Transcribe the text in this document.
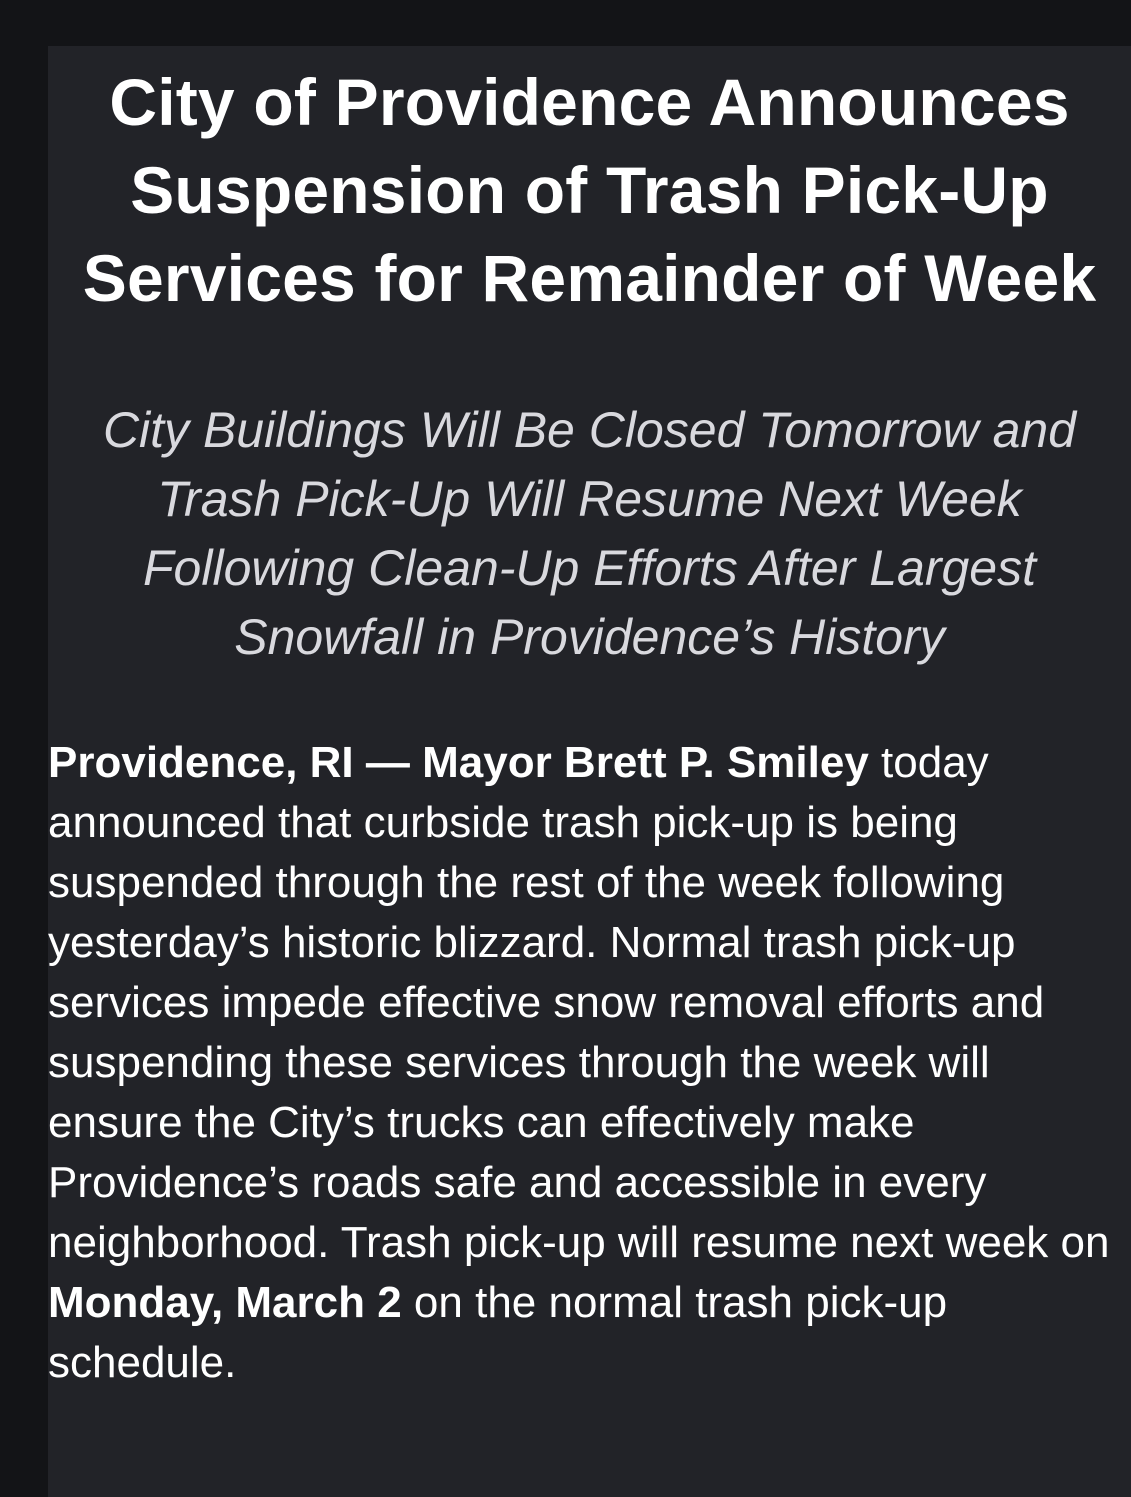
City of Providence Announces Suspension of Trash Pick-Up Services for Remainder of Week
City Buildings Will Be Closed Tomorrow and Trash Pick-Up Will Resume Next Week Following Clean-Up Efforts After Largest Snowfall in Providence’s History

Providence, RI — Mayor Brett P. Smiley today announced that curbside trash pick-up is being suspended through the rest of the week following yesterday’s historic blizzard. Normal trash pick-up services impede effective snow removal efforts and suspending these services through the week will ensure the City’s trucks can effectively make Providence’s roads safe and accessible in every neighborhood. Trash pick-up will resume next week on Monday, March 2 on the normal trash pick-up schedule.
